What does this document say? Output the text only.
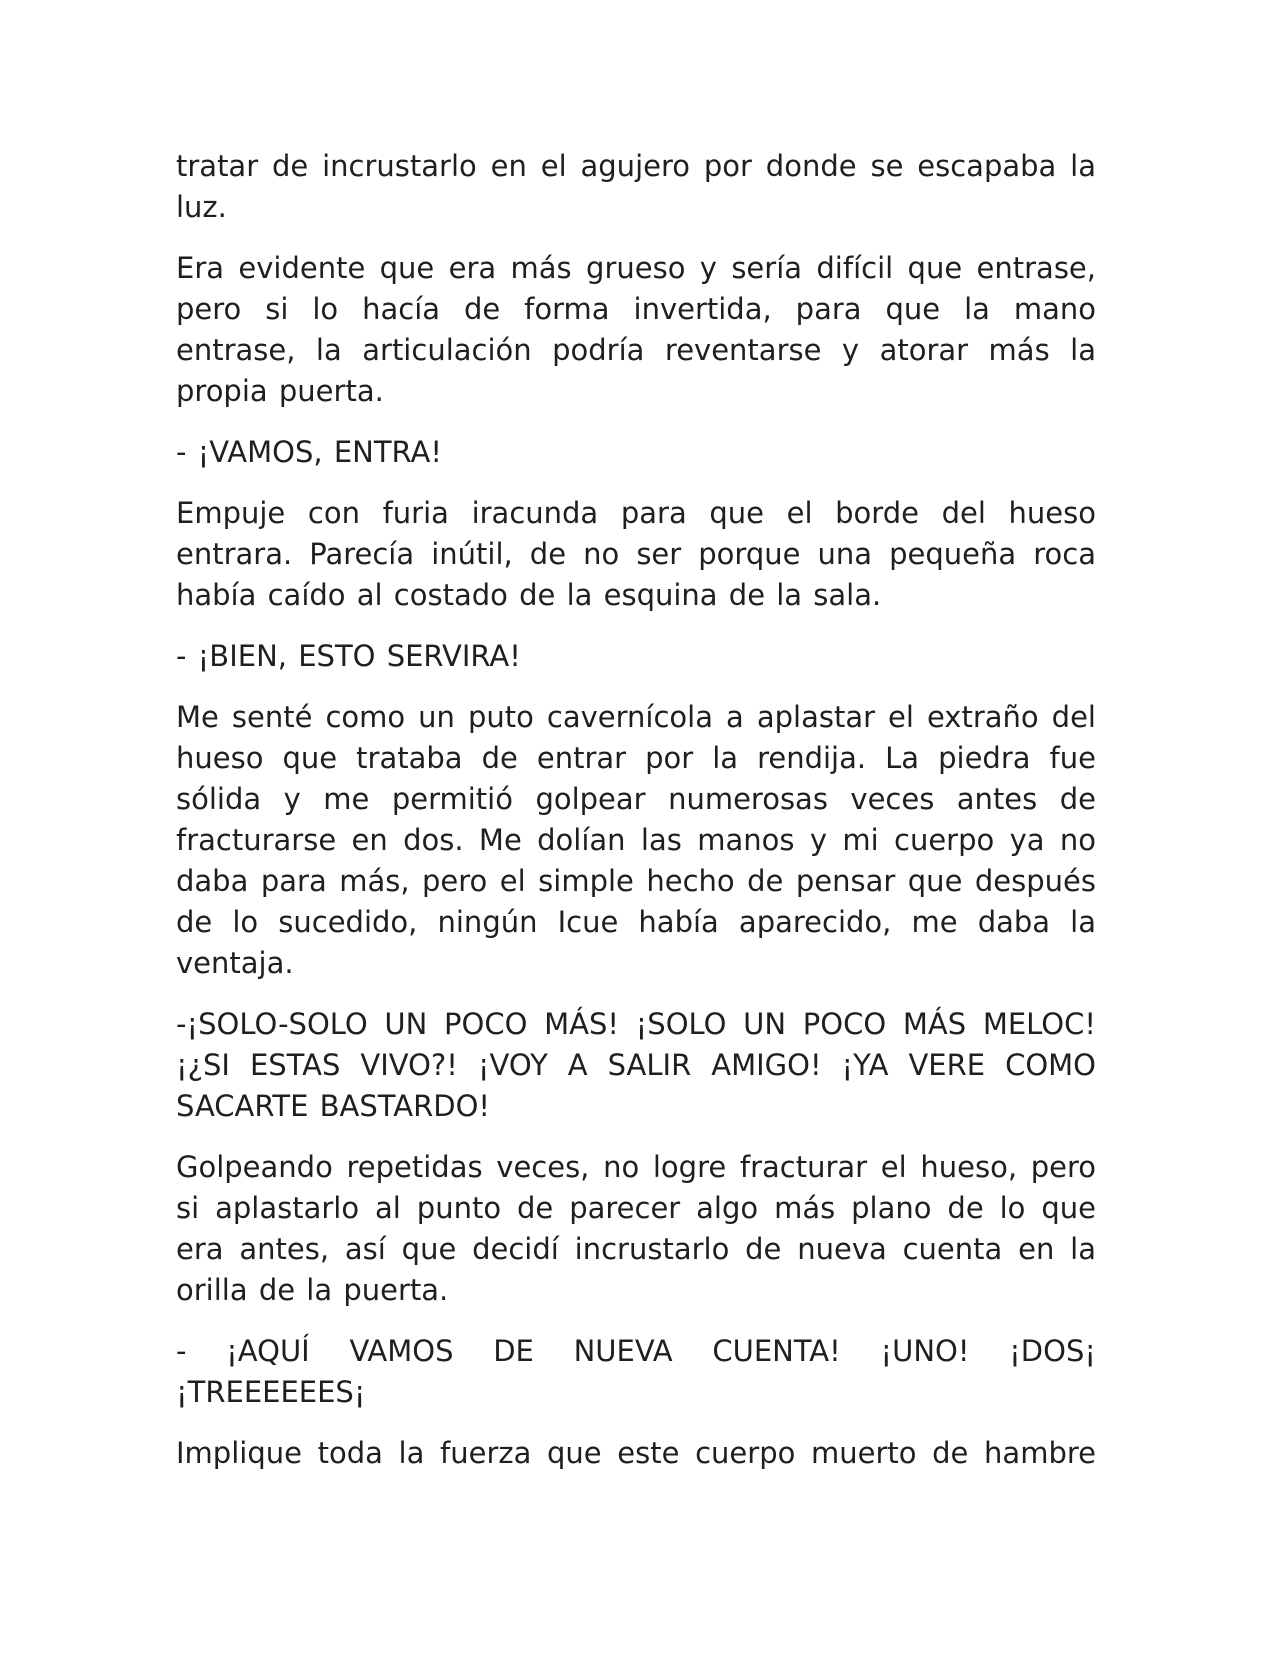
tratar de incrustarlo en el agujero por donde se escapaba la luz.

Era evidente que era más grueso y sería difícil que entrase, pero si lo hacía de forma invertida, para que la mano entrase, la articulación podría reventarse y atorar más la propia puerta.

- ¡VAMOS, ENTRA!

Empuje con furia iracunda para que el borde del hueso entrara. Parecía inútil, de no ser porque una pequeña roca había caído al costado de la esquina de la sala.

- ¡BIEN, ESTO SERVIRA!

Me senté como un puto cavernícola a aplastar el extraño del hueso que trataba de entrar por la rendija. La piedra fue sólida y me permitió golpear numerosas veces antes de fracturarse en dos. Me dolían las manos y mi cuerpo ya no daba para más, pero el simple hecho de pensar que después de lo sucedido, ningún Icue había aparecido, me daba la ventaja.

-¡SOLO-SOLO UN POCO MÁS! ¡SOLO UN POCO MÁS MELOC! ¡¿SI ESTAS VIVO?! ¡VOY A SALIR AMIGO! ¡YA VERE COMO SACARTE BASTARDO!

Golpeando repetidas veces, no logre fracturar el hueso, pero si aplastarlo al punto de parecer algo más plano de lo que era antes, así que decidí incrustarlo de nueva cuenta en la orilla de la puerta.

- ¡AQUÍ VAMOS DE NUEVA CUENTA! ¡UNO! ¡DOS¡ ¡TREEEEEES¡

Implique toda la fuerza que este cuerpo muerto de hambre
